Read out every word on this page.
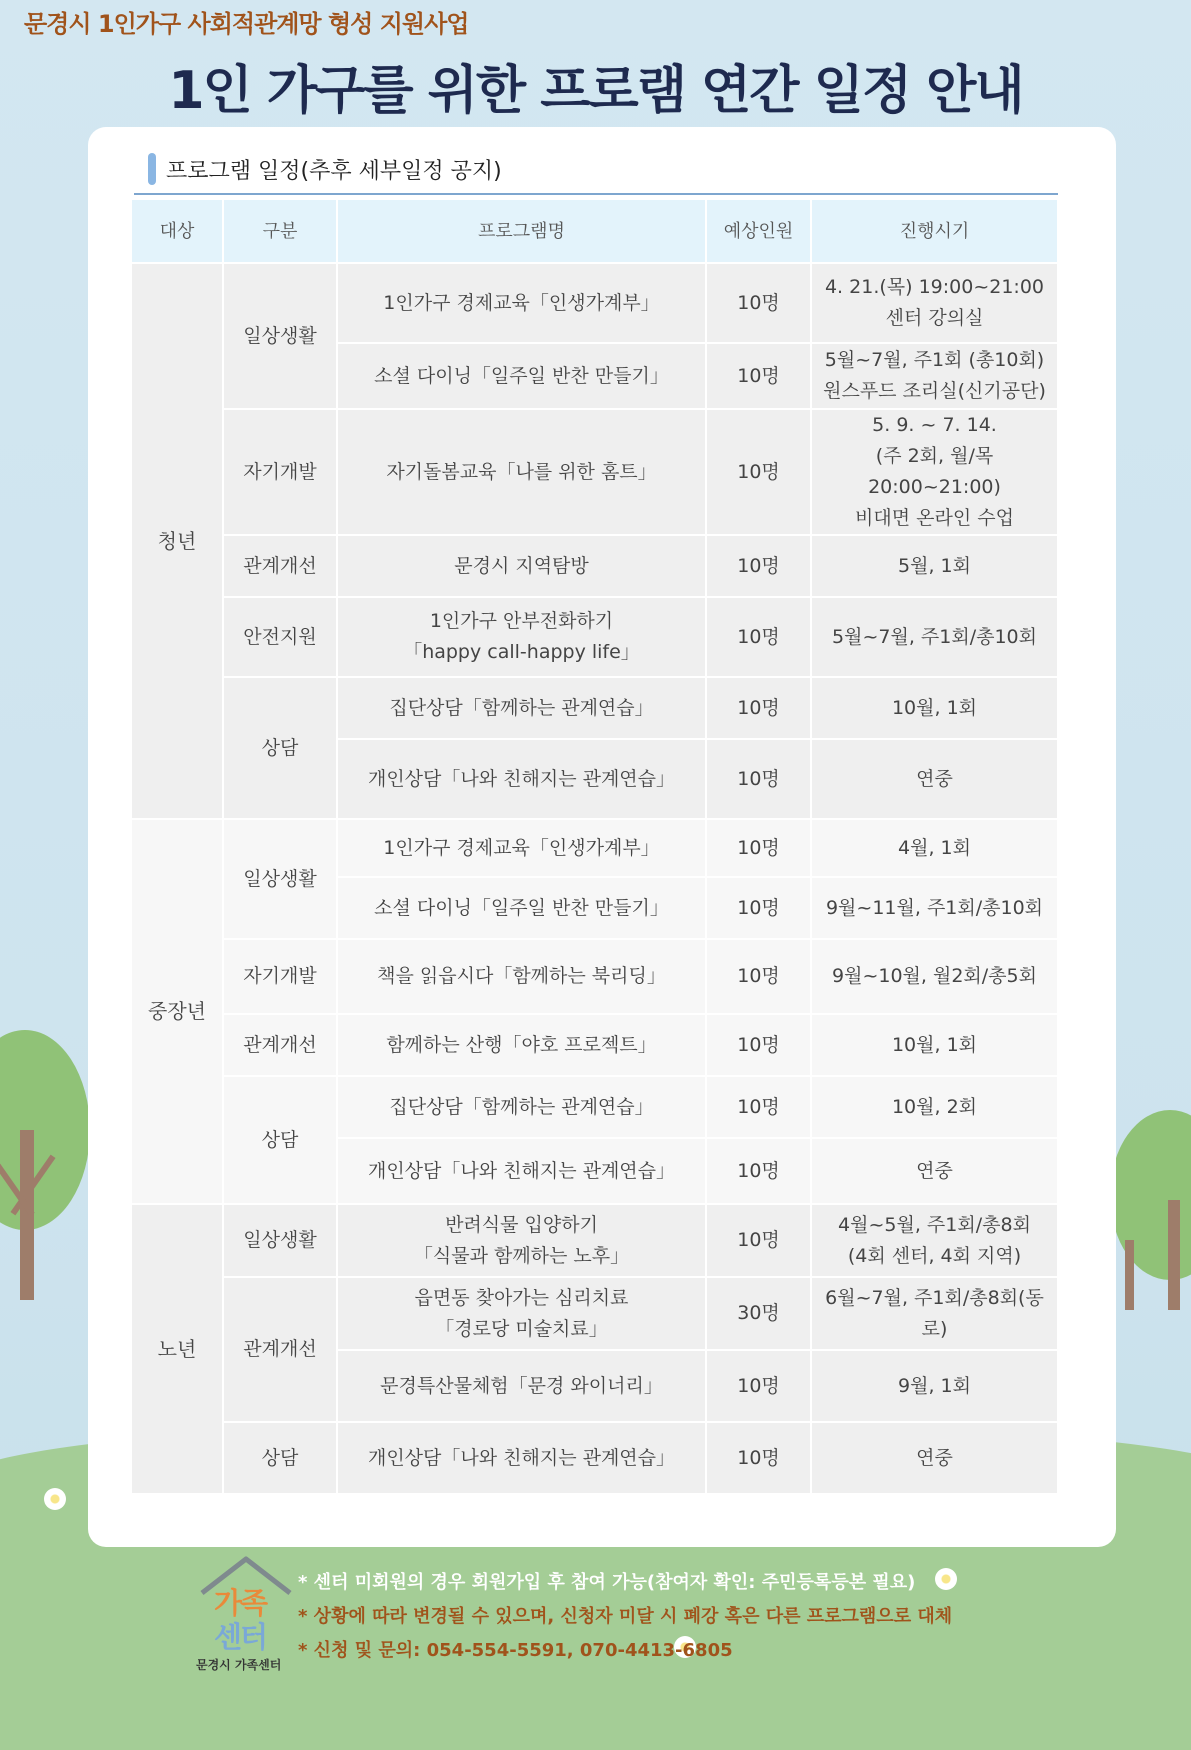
문경시 1인가구 사회적관계망 형성 지원사업
1인 가구를 위한 프로램 연간 일정 안내
프로그램 일정(추후 세부일정 공지)
대상	구분	프로그램명	예상인원	진행시기
청년	일상생활	1인가구 경제교육「인생가계부」	10명	4. 21.(목) 19:00~21:00
센터 강의실
		소셜 다이닝「일주일 반찬 만들기」	10명	5월~7월, 주1회 (총10회)
원스푸드 조리실(신기공단)
	자기개발	자기돌봄교육「나를 위한 홈트」	10명	5. 9. ~ 7. 14.
(주 2회, 월/목 20:00~21:00)
비대면 온라인 수업
	관계개선	문경시 지역탐방	10명	5월, 1회
	안전지원	1인가구 안부전화하기
「happy call-happy life」	10명	5월~7월, 주1회/총10회
	상담	집단상담「함께하는 관계연습」	10명	10월, 1회
		개인상담「나와 친해지는 관계연습」	10명	연중
중장년	일상생활	1인가구 경제교육「인생가계부」	10명	4월, 1회
		소셜 다이닝「일주일 반찬 만들기」	10명	9월~11월, 주1회/총10회
	자기개발	책을 읽읍시다「함께하는 북리딩」	10명	9월~10월, 월2회/총5회
	관계개선	함께하는 산행「야호 프로젝트」	10명	10월, 1회
	상담	집단상담「함께하는 관계연습」	10명	10월, 2회
		개인상담「나와 친해지는 관계연습」	10명	연중
노년	일상생활	반려식물 입양하기
「식물과 함께하는 노후」	10명	4월~5월, 주1회/총8회
(4회 센터, 4회 지역)
	관계개선	읍면동 찾아가는 심리치료
「경로당 미술치료」	30명	6월~7월, 주1회/총8회(동로)
		문경특산물체험「문경 와이너리」	10명	9월, 1회
	상담	개인상담「나와 친해지는 관계연습」	10명	연중
가족
센터
문경시 가족센터
* 센터 미회원의 경우 회원가입 후 참여 가능(참여자 확인: 주민등록등본 필요)
* 상황에 따라 변경될 수 있으며, 신청자 미달 시 폐강 혹은 다른 프로그램으로 대체
* 신청 및 문의: 054-554-5591, 070-4413-6805
